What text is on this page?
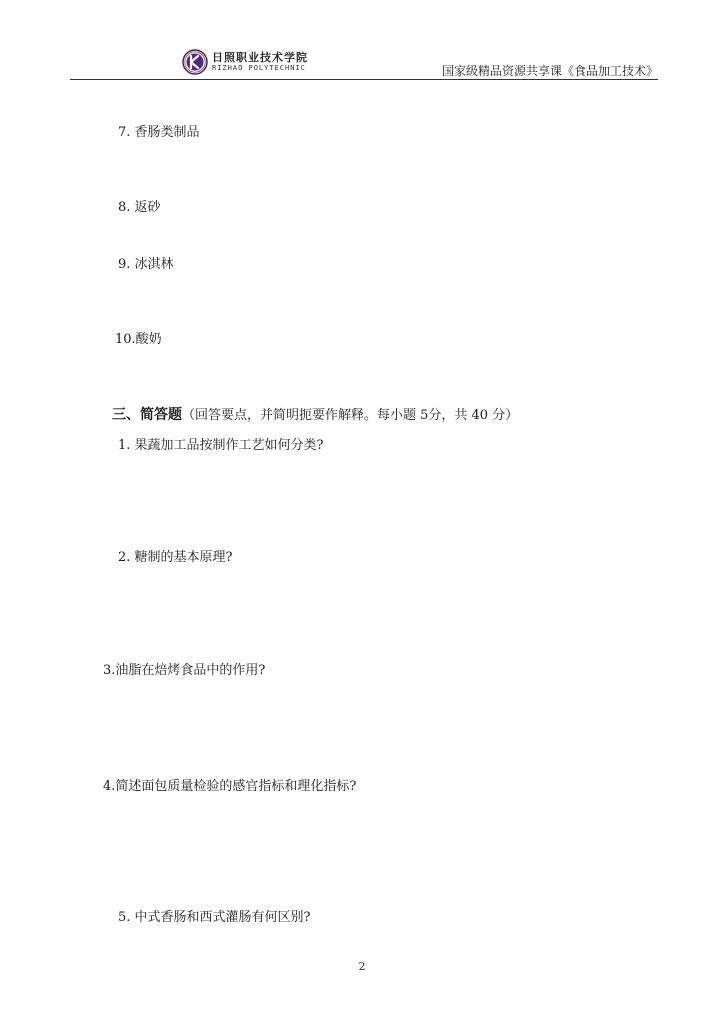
日照职业技术学院
RIZHAO POLYTECHNIC	国家级精品资源共享课《食品加工技术》
7. 香肠类制品
8. 返砂
9. 冰淇林
10.酸奶
三、简答题（回答要点，并简明扼要作解释。每小题 5分，共 40 分）
1. 果蔬加工品按制作工艺如何分类?
2. 糖制的基本原理?
3.油脂在焙烤食品中的作用?
4.简述面包质量检验的感官指标和理化指标?
5. 中式香肠和西式灌肠有何区别?
2
